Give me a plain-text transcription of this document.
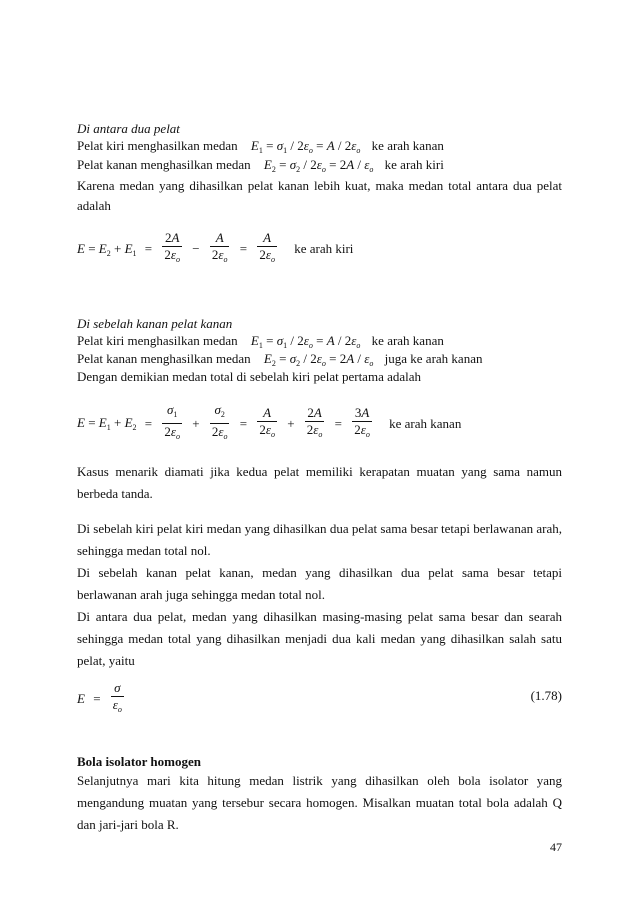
Di antara dua pelat
Pelat kiri menghasilkan medan $E_1 = \sigma_1 / 2\varepsilon_o = A / 2\varepsilon_o$ ke arah kanan
Pelat kanan menghasilkan medan $E_2 = \sigma_2 / 2\varepsilon_o = 2A / \varepsilon_o$ ke arah kiri
Karena medan yang dihasilkan pelat kanan lebih kuat, maka medan total antara dua pelat
adalah
$E = E_2 + E_1 = \frac{2A}{2\varepsilon_o} - \frac{A}{2\varepsilon_o} = \frac{A}{2\varepsilon_o}$ ke arah kiri
Di sebelah kanan pelat kanan
Pelat kiri menghasilkan medan $E_1 = \sigma_1 / 2\varepsilon_o = A / 2\varepsilon_o$ ke arah kanan
Pelat kanan menghasilkan medan $E_2 = \sigma_2 / 2\varepsilon_o = 2A / \varepsilon_o$ juga ke arah kanan
Dengan demikian medan total di sebelah kiri pelat pertama adalah
$E = E_1 + E_2 = \frac{\sigma_1}{2\varepsilon_o} + \frac{\sigma_2}{2\varepsilon_o} = \frac{A}{2\varepsilon_o} + \frac{2A}{2\varepsilon_o} = \frac{3A}{2\varepsilon_o}$ ke arah kanan
Kasus menarik diamati jika kedua pelat memiliki kerapatan muatan yang sama namun berbeda tanda.
Di sebelah kiri pelat kiri medan yang dihasilkan dua pelat sama besar tetapi berlawanan arah, sehingga medan total nol.
Di sebelah kanan pelat kanan, medan yang dihasilkan dua pelat sama besar tetapi berlawanan arah juga sehingga medan total nol.
Di antara dua pelat, medan yang dihasilkan masing-masing pelat sama besar dan searah sehingga medan total yang dihasilkan menjadi dua kali medan yang dihasilkan salah satu pelat, yaitu
$E = \frac{\sigma}{\varepsilon_o}$	(1.78)
Bola isolator homogen
Selanjutnya mari kita hitung medan listrik yang dihasilkan oleh bola isolator yang mengandung muatan yang tersebur secara homogen. Misalkan muatan total bola adalah Q dan jari-jari bola R.
47
